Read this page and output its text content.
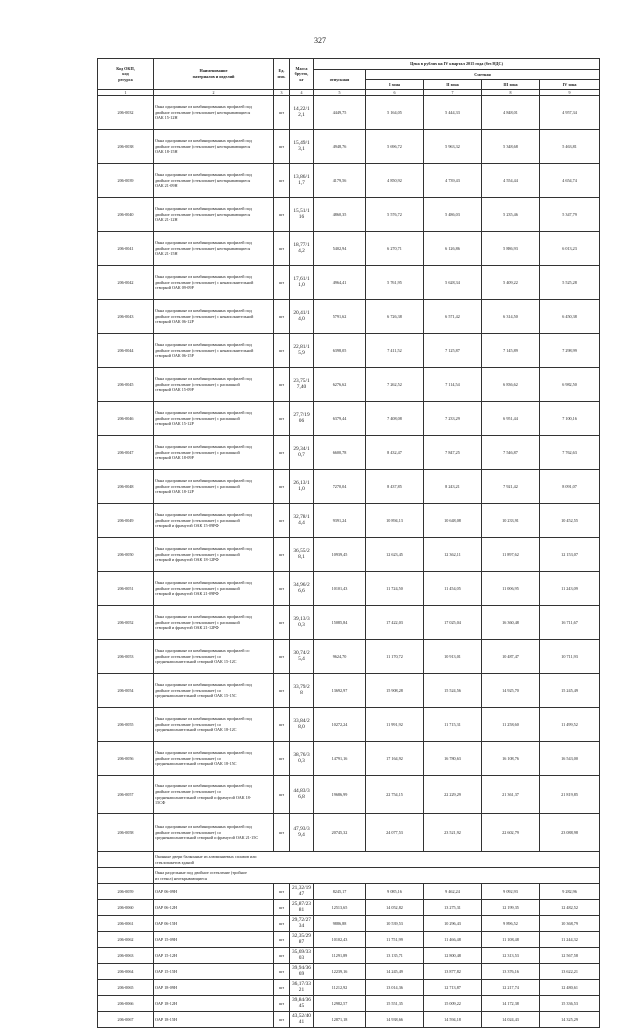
327
Код ОКП,
код
ресурса	Наименование
материалов и изделий	Ед.
изм.	Масса
брутто,
кг	Цена в рублях на IV квартал 2015 года (без НДС)				
				отпускная	Сметная			
					I зона	II зона	III зона	IV зона
1	2	3	4	5	6	7	8	9
206-0032	Окна однорамные из комбинированных профилей под
двойное остекление (стеклопакет) неоткрывающиеся
ОАК 15-12Н	шт	14,22/1
2,1	4449,75	5 164,05	5 444,33	4 848,01	4 957,34
206-0038	Окна однорамные из комбинированных профилей под
двойное остекление (стеклопакет) неоткрывающиеся
ОАК 18-15Н	шт	15,49/1
3,1	4948,76	5 696,72	5 963,32	5 348,68	5 463,81
206-0039	Окна однорамные из комбинированных профилей под
двойное остекление (стеклопакет) неоткрывающиеся
ОАК 21-09Н	шт	13,86/1
1,7	4179,56	4 850,92	4 739,43	4 554,44	4 654,74
206-0040	Окна однорамные из комбинированных профилей под
двойное остекление (стеклопакет) неоткрывающиеся
ОАК 21-12Н	шт	15,51/1
16	4860,35	5 576,72	5 486,03	5 235,46	5 347,79
206-0041	Окна однорамные из комбинированных профилей под
двойное остекление (стеклопакет) неоткрывающиеся
ОАК 21-15Н	шт	18,77/1
4,2	5402,94	6 270,71	6 126,86	5 886,93	6 013,23
206-0042	Окна однорамные из комбинированных профилей под
двойное остекление (стеклопакет) с ненаполнительной
створкой ОАК 09-09Р	шт	17,61/1
1,0	4964,41	5 761,95	5 628,34	5 409,22	5 525,28
206-0043	Окна однорамные из комбинированных профилей под
двойное остекление (стеклопакет) с ненаполнительной
створкой ОАК 06-12Р	шт	20,41/1
4,0	5791,62	6 726,38	6 571,42	6 314,50	6 450,38
206-0044	Окна однорамные из комбинированных профилей под
двойное остекление (стеклопакет) с ненаполнительной
створкой ОАК 06-15Р	шт	22,81/1
5,9	6398,05	7 411,52	7 125,87	7 145,89	7 298,99
206-0045	Окна однорамные из комбинированных профилей под
двойное остекление (стеклопакет) с распашной
створкой ОАК 15-09Р	шт	23,75/1
7,40	6276,62	7 262,52	7 114,54	6 836,62	6 982,50
206-0046	Окна однорамные из комбинированных профилей под
двойное остекление (стеклопакет) с распашной
створкой ОАК 15-12Р	шт	27,7/19
06	6379,44	7 408,08	7 233,29	6 951,44	7 100,16
206-0047	Окна однорамные из комбинированных профилей под
двойное остекление (стеклопакет) с распашной
створкой ОАК 18-09Р	шт	29,34/1
0,7	6600,78	8 432,47	7 847,25	7 546,87	7 762,63
206-0048	Окна однорамные из комбинированных профилей под
двойное остекление (стеклопакет) с распашной
створкой ОАК 18-12Р	шт	26,13/1
1,0	7270,04	8 437,85	8 243,21	7 921,42	8 091,07
206-0049	Окна однорамные из комбинированных профилей под
двойное остекление (стеклопакет) с распашной
створкой и фрамугой ОАК 15-09РФ	шт	32,78/1
4,4	9391,24	10 894,13	10 648,08	10 233,91	10 452,55
206-0050	Окна однорамные из комбинированных профилей под
двойное остекление (стеклопакет) с распашной
створкой и фрамугой ОАК 18-12РФ	шт	36,55/2
8,1	10939,45	12 623,45	12 362,11	11 897,62	12 153,07
206-0051	Окна однорамные из комбинированных профилей под
двойное остекление (стеклопакет) с распашной
створкой и фрамугой ОАК 21-09РФ	шт	34,96/2
6,6	10101,43	11 724,50	11 454,05	11 006,95	11 243,09
206-0052	Окна однорамные из комбинированных профилей под
двойное остекление (стеклопакет) с распашной
створкой и фрамугой ОАК 21-12РФ	шт	39,13/3
0,3	15085,84	17 422,03	17 025,04	16 360,48	16 711,67
206-0053	Окна однорамные из комбинированных профилей со
двойное остекление (стеклопакет) со
средненаполнительной створкой ОАК 15-12С	шт	30,74/2
5,4	9624,70	11 170,72	10 913,01	10 487,47	10 711,93
206-0054	Окна однорамные из комбинированных профилей под
двойное остекление (стеклопакет) со
средненаполнительной створкой ОАК 15-15С	шт	33,79/2
8	13692,97	15 908,28	15 524,56	14 925,70	15 245,49
206-0055	Окна однорамные из комбинированных профилей под
двойное остекление (стеклопакет) со
средненаполнительной створкой ОАК 18-12С	шт	33,84/2
8,0	10272,24	11 991,92	11 715,31	11 258,60	11 499,52
206-0056	Окна однорамные из комбинированных профилей под
двойное остекление (стеклопакет) со
средненаполнительной створкой ОАК 18-15С	шт	38,76/3
0,3	14791,16	17 164,92	16 780,63	16 108,76	16 543,00
206-0057	Окна однорамные из комбинированных профилей под
двойное остекление (стеклопакет) со
средненаполнительной створкой и фрамугой ОАК 18-
15СФ	шт	44,83/3
6,8	19686,99	22 754,15	22 229,29	21 361,37	21 819,85
206-0058	Окна однорамные из комбинированных профилей под
двойное остекление (стеклопакет) со
средненаполнительной створкой и фрамугой ОАК 21-15С	шт	47,93/3
9,4	20745,32	24 077,53	23 521,92	22 602,79	23 088,98

	Оконные двери балконные из алюминиевых сплавов или
стеклопакетов зданий							

	Окна раздельные под двойное остекление (тройное
из стекол) неоткрывающиеся							

206-0059	ОАР 06-09Н	шт	21,32/19
47	8245,17	9 085,16	9 462,24	9 092,93	9 282,96
206-0060	ОАР 06-12Н	шт	25,87/23
81	12513,65	14 052,82	13 275,31	12 199,35	12 482,52
206-0061	ОАР 06-15Н	шт	29,72/27
34	9886,88	10 539,53	10 296,43	9 896,52	10 368,79
206-0062	ОАР 15-09Н	шт	32,35/29
87	10102,43	11 751,99	11 466,48	11 108,48	11 244,32
206-0063	ОАР 15-12Н	шт	35,69/33
03	11291,89	13 135,71	12 800,48	12 313,53	12 567,58
206-0064	ОАР 15-15Н	шт	39,94/36
69	12239,16	14 245,49	13 877,82	13 376,16	13 622,21
206-0065	ОАР 18-09Н	шт	36,17/33
21	11212,92	13 014,36	12 713,87	12 217,74	12 480,61
206-0066	ОАР 18-12Н	шт	39,84/36
45	12982,57	15 551,35	15 009,22	14 172,38	15 336,53
206-0067	ОАР 18-15Н	шт	43,52/40
41	12871,18	14 938,66	14 594,18	14 024,43	14 325,29
